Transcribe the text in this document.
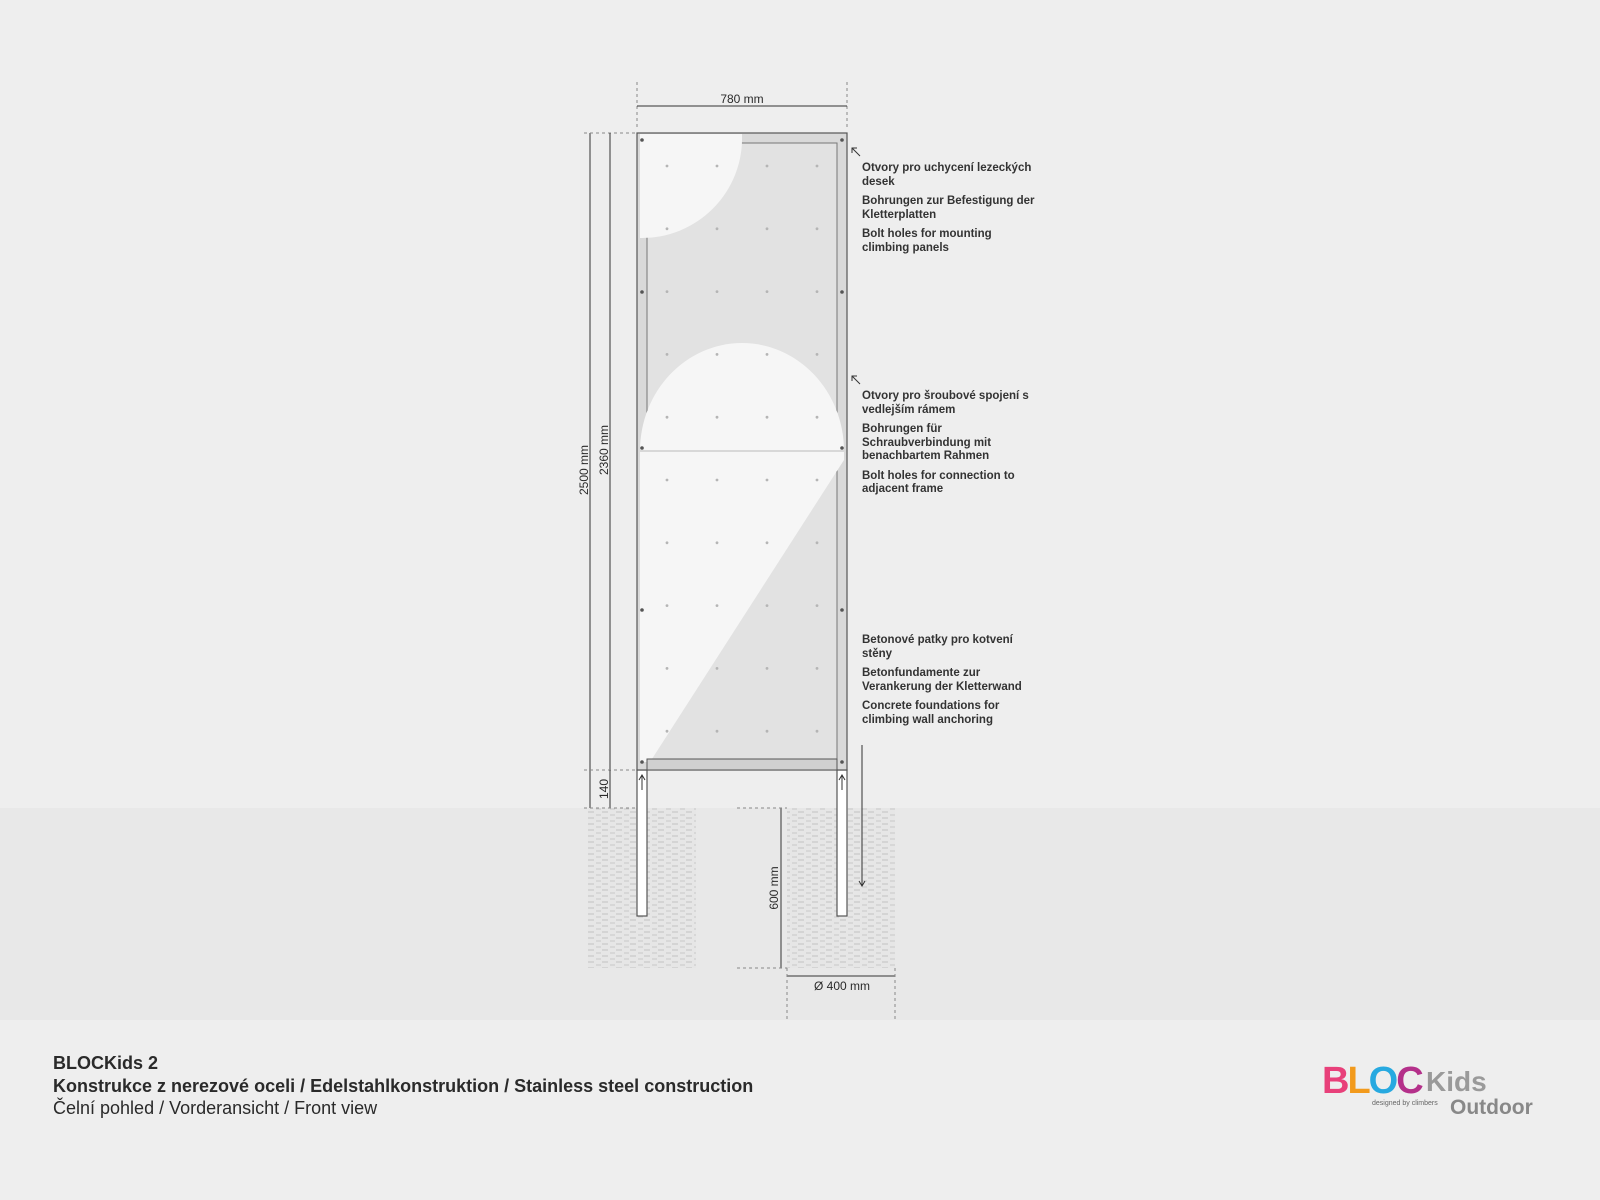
780 mm
2500 mm 2360 mm
140
600 mm
Ø 400 mm

Otvory pro uchycení lezeckých desek

Bohrungen zur Befestigung der Kletterplatten

Bolt holes for mounting climbing panels

Otvory pro šroubové spojení s vedlejším rámem

Bohrungen für Schraubverbindung mit benachbartem Rahmen

Bolt holes for connection to adjacent frame

Betonové patky pro kotvení stěny

Betonfundamente zur Verankerung der Kletterwand

Concrete foundations for climbing wall anchoring

BLOCKids 2
Konstrukce z nerezové oceli / Edelstahlkonstruktion / Stainless steel construction
Čelní pohled / Vorderansicht / Front view
BLOC Kids
designed by climbers Outdoor
